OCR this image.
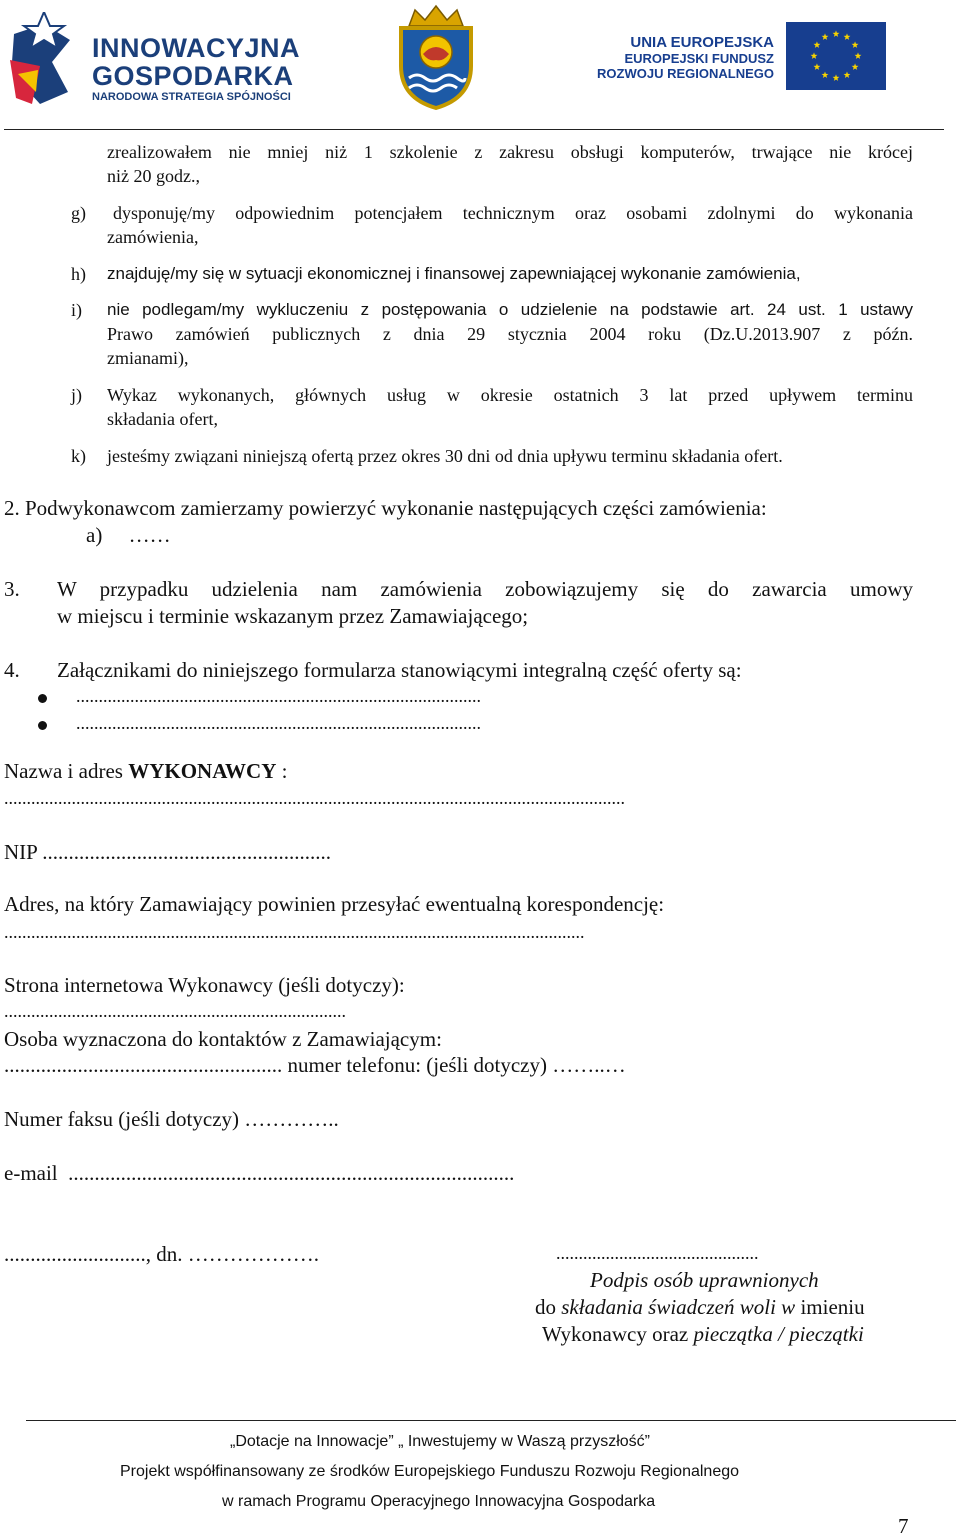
INNOWACYJNA
GOSPODARKA
NARODOWA STRATEGIA SPÓJNOŚCI
UNIA EUROPEJSKA
EUROPEJSKI FUNDUSZ
ROZWOJU REGIONALNEGO
zrealizowałem nie mniej niż 1 szkolenie z zakresu obsługi komputerów, trwające nie krócej
niż 20 godz.,
g) dysponuję/my odpowiednim potencjałem technicznym oraz osobami zdolnymi do wykonania
zamówienia,
h) znajduję/my się w sytuacji ekonomicznej i finansowej zapewniającej wykonanie zamówienia,
i) nie podlegam/my wykluczeniu z postępowania o udzielenie na podstawie art. 24 ust. 1 ustawy
Prawo zamówień publicznych z dnia 29 stycznia 2004 roku (Dz.U.2013.907 z późn.
zmianami),
j) Wykaz wykonanych, głównych usług w okresie ostatnich 3 lat przed upływem terminu
składania ofert,
k) jesteśmy związani niniejszą ofertą przez okres 30 dni od dnia upływu terminu składania ofert.
2. Podwykonawcom zamierzamy powierzyć wykonanie następujących części zamówienia:
a)     ……
3. W przypadku udzielenia nam zamówienia zobowiązujemy się do zawarcia umowy
w miejscu i terminie wskazanym przez Zamawiającego;
4. Załącznikami do niniejszego formularza stanowiącymi integralną część oferty są:
..........................................................................................
..........................................................................................
Nazwa i adres WYKONAWCY :
..........................................................................................................................................
NIP .......................................................
Adres, na który Zamawiający powinien przesyłać ewentualną korespondencję:
.................................................................................................................................
Strona internetowa Wykonawcy (jeśli dotyczy):
............................................................................
Osoba wyznaczona do kontaktów z Zamawiającym:
..................................................... numer telefonu: (jeśli dotyczy) ……..…
Numer faksu (jeśli dotyczy) …………..
e-mail  .....................................................................................
..........................., dn. ……………….	.............................................
Podpis osób uprawnionych
do składania świadczeń woli w imieniu
Wykonawcy oraz pieczątka / pieczątki
„Dotacje na Innowacje” „ Inwestujemy w Waszą przyszłość”
Projekt współfinansowany ze środków Europejskiego Funduszu Rozwoju Regionalnego
w ramach Programu Operacyjnego Innowacyjna Gospodarka
7
